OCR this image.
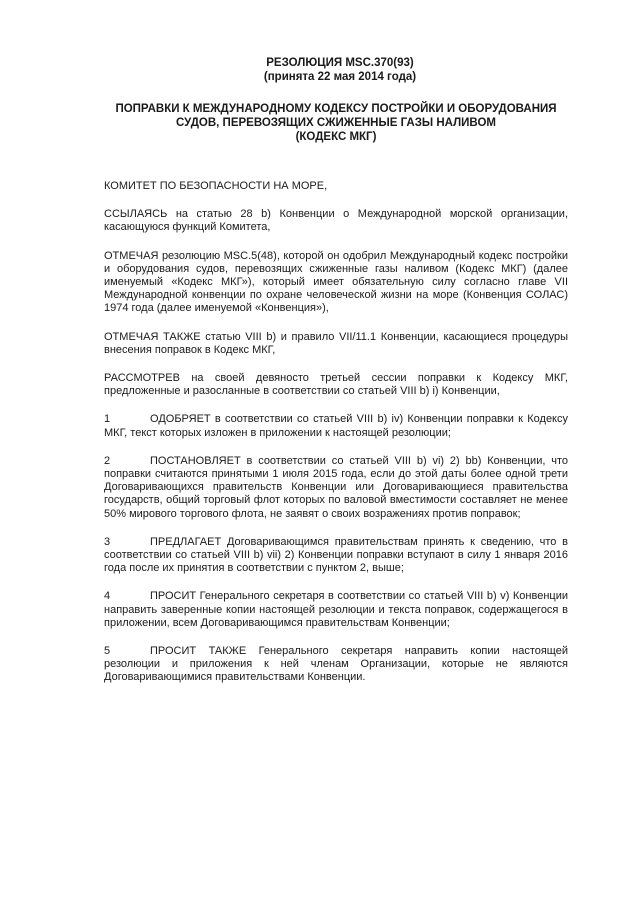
РЕЗОЛЮЦИЯ MSC.370(93)
(принята 22 мая 2014 года)
ПОПРАВКИ К МЕЖДУНАРОДНОМУ КОДЕКСУ ПОСТРОЙКИ И ОБОРУДОВАНИЯ
СУДОВ, ПЕРЕВОЗЯЩИХ СЖИЖЕННЫЕ ГАЗЫ НАЛИВОМ
(КОДЕКС МКГ)
КОМИТЕТ ПО БЕЗОПАСНОСТИ НА МОРЕ,
ССЫЛАЯСЬ на статью 28 b) Конвенции о Международной морской организации, касающуюся функций Комитета,
ОТМЕЧАЯ резолюцию MSC.5(48), которой он одобрил Международный кодекс постройки и оборудования судов, перевозящих сжиженные газы наливом (Кодекс МКГ) (далее именуемый «Кодекс МКГ»), который имеет обязательную силу согласно главе VII Международной конвенции по охране человеческой жизни на море (Конвенция СОЛАС) 1974 года (далее именуемой «Конвенция»),
ОТМЕЧАЯ ТАКЖЕ статью VIII b) и правило VII/11.1 Конвенции, касающиеся процедуры внесения поправок в Кодекс МКГ,
РАССМОТРЕВ на своей девяносто третьей сессии поправки к Кодексу МКГ, предложенные и разосланные в соответствии со статьей VIII b) i) Конвенции,
1	ОДОБРЯЕТ в соответствии со статьей VIII b) iv) Конвенции поправки к Кодексу МКГ, текст которых изложен в приложении к настоящей резолюции;
2	ПОСТАНОВЛЯЕТ в соответствии со статьей VIII b) vi) 2) bb) Конвенции, что поправки считаются принятыми 1 июля 2015 года, если до этой даты более одной трети Договаривающихся правительств Конвенции или Договаривающиеся правительства государств, общий торговый флот которых по валовой вместимости составляет не менее 50% мирового торгового флота, не заявят о своих возражениях против поправок;
3	ПРЕДЛАГАЕТ Договаривающимся правительствам принять к сведению, что в соответствии со статьей VIII b) vii) 2) Конвенции поправки вступают в силу 1 января 2016 года после их принятия в соответствии с пунктом 2, выше;
4	ПРОСИТ Генерального секретаря в соответствии со статьей VIII b) v) Конвенции направить заверенные копии настоящей резолюции и текста поправок, содержащегося в приложении, всем Договаривающимся правительствам Конвенции;
5	ПРОСИТ ТАКЖЕ Генерального секретаря направить копии настоящей резолюции и приложения к ней членам Организации, которые не являются Договаривающимися правительствами Конвенции.
